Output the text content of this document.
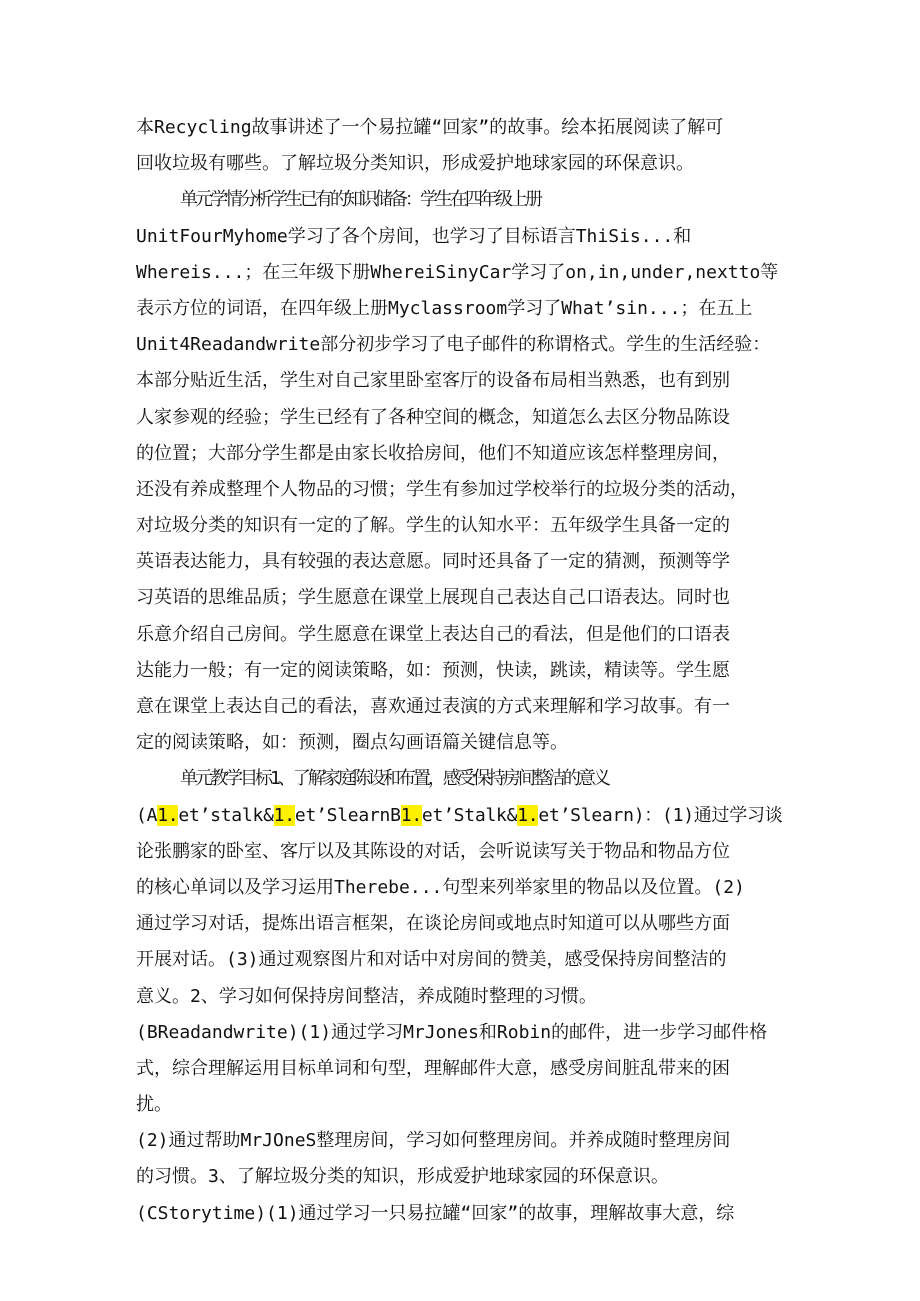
本Recycling故事讲述了一个易拉罐“回家”的故事。绘本拓展阅读了解可
回收垃圾有哪些。了解垃圾分类知识，形成爱护地球家园的环保意识。
单元学情分析学生已有的知识储备：学生在四年级上册
UnitFourMyhome学习了各个房间，也学习了目标语言ThiSis...和
Whereis...；在三年级下册WhereiSinyCar学习了on,in,under,nextto等
表示方位的词语，在四年级上册Myclassroom学习了What’sin...；在五上
Unit4Readandwrite部分初步学习了电子邮件的称谓格式。学生的生活经验：
本部分贴近生活，学生对自己家里卧室客厅的设备布局相当熟悉，也有到别
人家参观的经验；学生已经有了各种空间的概念，知道怎么去区分物品陈设
的位置；大部分学生都是由家长收拾房间，他们不知道应该怎样整理房间，
还没有养成整理个人物品的习惯；学生有参加过学校举行的垃圾分类的活动，
对垃圾分类的知识有一定的了解。学生的认知水平：五年级学生具备一定的
英语表达能力，具有较强的表达意愿。同时还具备了一定的猜测，预测等学
习英语的思维品质；学生愿意在课堂上展现自己表达自己口语表达。同时也
乐意介绍自己房间。学生愿意在课堂上表达自己的看法，但是他们的口语表
达能力一般；有一定的阅读策略，如：预测，快读，跳读，精读等。学生愿
意在课堂上表达自己的看法，喜欢通过表演的方式来理解和学习故事。有一
定的阅读策略，如：预测，圈点勾画语篇关键信息等。
单元教学目标1、了解家庭陈设和布置，感受保持房间整洁的意义
(A1.et’stalk&1.et’SlearnB1.et’Stalk&1.et’Slearn)：(1)通过学习谈
论张鹏家的卧室、客厅以及其陈设的对话，会听说读写关于物品和物品方位
的核心单词以及学习运用Therebe...句型来列举家里的物品以及位置。(2)
通过学习对话，提炼出语言框架，在谈论房间或地点时知道可以从哪些方面
开展对话。(3)通过观察图片和对话中对房间的赞美，感受保持房间整洁的
意义。2、学习如何保持房间整洁，养成随时整理的习惯。
(BReadandwrite)(1)通过学习MrJones和Robin的邮件，进一步学习邮件格
式，综合理解运用目标单词和句型，理解邮件大意，感受房间脏乱带来的困
扰。
(2)通过帮助MrJOneS整理房间，学习如何整理房间。并养成随时整理房间
的习惯。3、了解垃圾分类的知识，形成爱护地球家园的环保意识。
(CStorytime)(1)通过学习一只易拉罐“回家”的故事，理解故事大意，综
